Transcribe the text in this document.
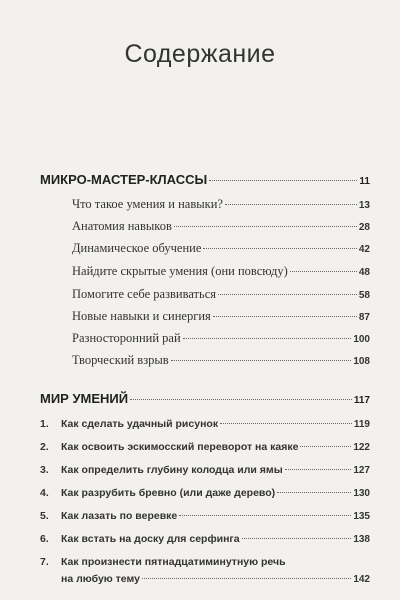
Содержание
МИКРО-МАСТЕР-КЛАССЫ	11
Что такое умения и навыки?	13
Анатомия навыков	28
Динамическое обучение	42
Найдите скрытые умения (они повсюду)	48
Помогите себе развиваться	58
Новые навыки и синергия	87
Разносторонний рай	100
Творческий взрыв	108
МИР УМЕНИЙ	117
1.	Как сделать удачный рисунок	119
2.	Как освоить эскимосский переворот на каяке	122
3.	Как определить глубину колодца или ямы	127
4.	Как разрубить бревно (или даже дерево)	130
5.	Как лазать по веревке	135
6.	Как встать на доску для серфинга	138
7.	Как произнести пятнадцатиминутную речь
на любую тему	142
